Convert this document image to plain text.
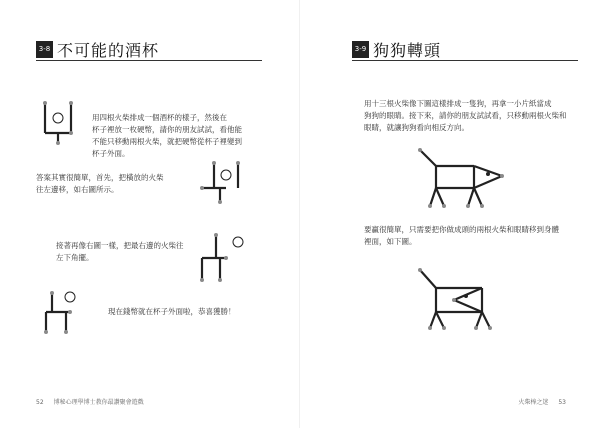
3-8 不可能的酒杯
用四根火柴排成一個酒杯的樣子，然後在
杯子裡放一枚硬幣，請你的朋友試試，看他能
不能只移動兩根火柴，就把硬幣從杯子裡變到
杯子外面。
答案其實很簡單，首先，把橫放的火柴
往左邊移，如右圖所示。
接著再像右圖一樣，把最右邊的火柴往
左下角擺。
現在錢幣就在杯子外面啦，恭喜獲勝！
52 博秘心理學博士教你最讚聚會遊戲
3-9 狗狗轉頭
用十三根火柴像下圖這樣排成一隻狗，再拿一小片紙當成
狗狗的眼睛。接下來，請你的朋友試試看，只移動兩根火柴和
眼睛，就讓狗狗看向相反方向。
要贏很簡單，只需要把你做成頭的兩根火柴和眼睛移到身體
裡面，如下圖。
火柴棒之迷 53
